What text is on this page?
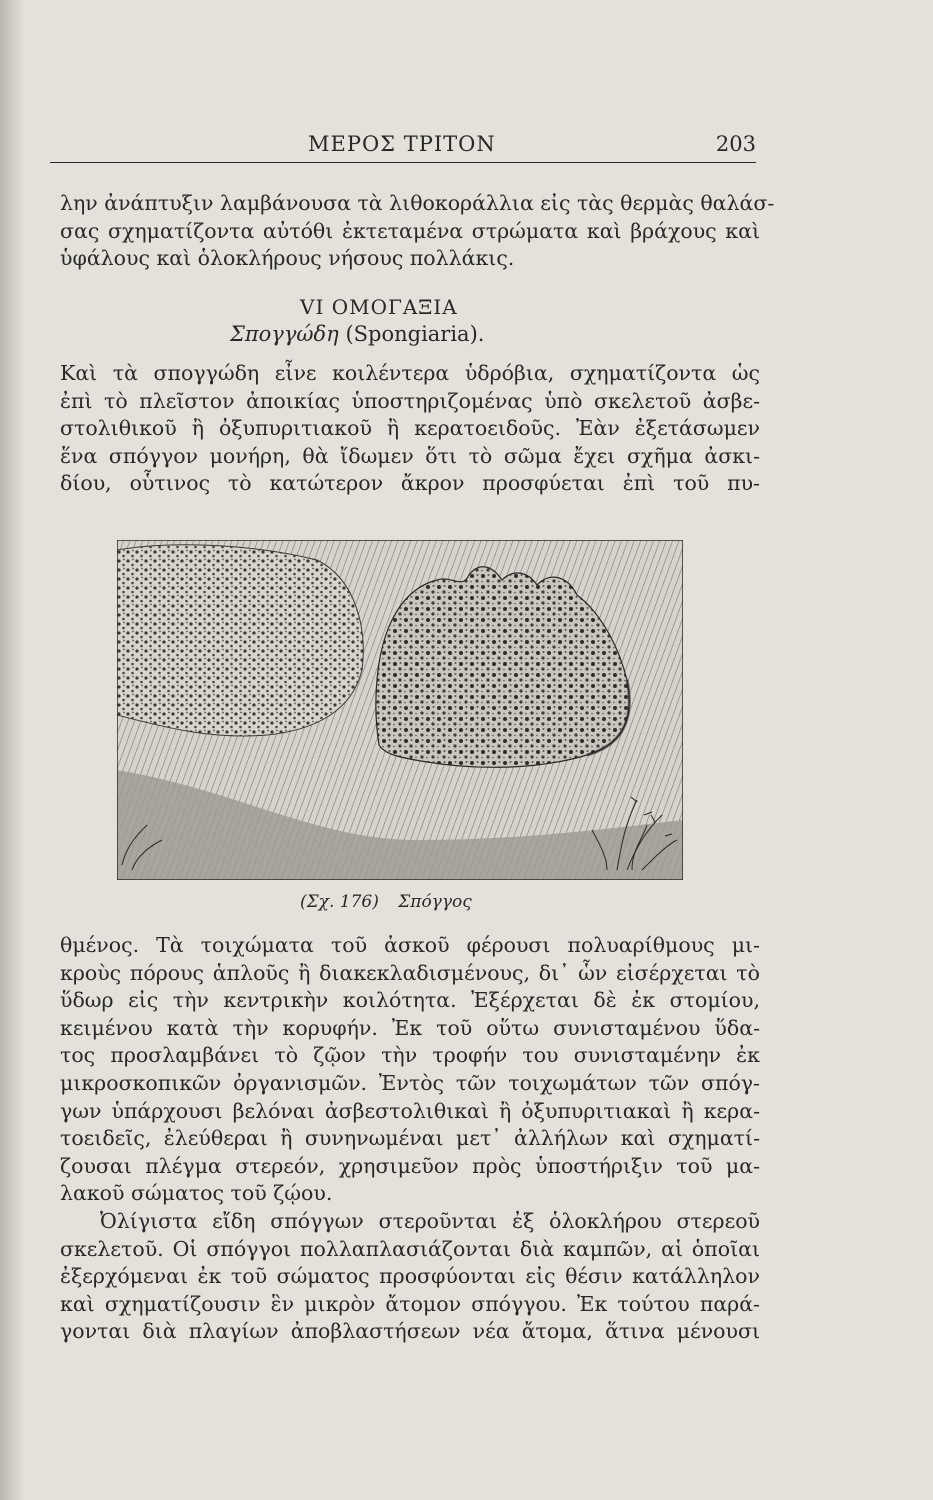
ΜΕΡΟΣ ΤΡΙΤΟΝ	203
λην ἀνάπτυξιν λαμβάνουσα τὰ λιθοκοράλλια εἰς τὰς θερμὰς θαλάσ-
σας σχηματίζοντα αὐτόθι ἐκτεταμένα στρώματα καὶ βράχους καὶ
ὑφάλους καὶ ὁλοκλήρους νήσους πολλάκις.
VI ΟΜΟΓΑΞΙΑ
Σπογγώδη (Spongiaria).
Καὶ τὰ σπογγώδη εἶνε κοιλέντερα ὑδρόβια, σχηματίζοντα ὡς
ἐπὶ τὸ πλεῖστον ἀποικίας ὑποστηριζομένας ὑπὸ σκελετοῦ ἀσβε-
στολιθικοῦ ἢ ὀξυπυριτιακοῦ ἢ κερατοειδοῦς. Ἐὰν ἐξετάσωμεν
ἕνα σπόγγον μονήρη, θὰ ἴδωμεν ὅτι τὸ σῶμα ἔχει σχῆμα ἀσκι-
δίου, οὗτινος τὸ κατώτερον ἄκρον προσφύεται ἐπὶ τοῦ πυ-
(Σχ. 176) Σπόγγος
θμένος. Τὰ τοιχώματα τοῦ ἀσκοῦ φέρουσι πολυαρίθμους μι-
κροὺς πόρους ἁπλοῦς ἢ διακεκλαδισμένους, δι᾽ ὧν εἰσέρχεται τὸ
ὕδωρ εἰς τὴν κεντρικὴν κοιλότητα. Ἐξέρχεται δὲ ἐκ στομίου,
κειμένου κατὰ τὴν κορυφήν. Ἐκ τοῦ οὕτω συνισταμένου ὕδα-
τος προσλαμβάνει τὸ ζῷον τὴν τροφήν του συνισταμένην ἐκ
μικροσκοπικῶν ὀργανισμῶν. Ἐντὸς τῶν τοιχωμάτων τῶν σπόγ-
γων ὑπάρχουσι βελόναι ἀσβεστολιθικαὶ ἢ ὀξυπυριτιακαὶ ἢ κερα-
τοειδεῖς, ἐλεύθεραι ἢ συνηνωμέναι μετ᾽ ἀλλήλων καὶ σχηματί-
ζουσαι πλέγμα στερεόν, χρησιμεῦον πρὸς ὑποστήριξιν τοῦ μα-
λακοῦ σώματος τοῦ ζῴου.
Ὀλίγιστα εἴδη σπόγγων στεροῦνται ἐξ ὁλοκλήρου στερεοῦ
σκελετοῦ. Οἱ σπόγγοι πολλαπλασιάζονται διὰ καμπῶν, αἱ ὁποῖαι
ἐξερχόμεναι ἐκ τοῦ σώματος προσφύονται εἰς θέσιν κατάλληλον
καὶ σχηματίζουσιν ἓν μικρὸν ἄτομον σπόγγου. Ἐκ τούτου παρά-
γονται διὰ πλαγίων ἀποβλαστήσεων νέα ἄτομα, ἅτινα μένουσι
